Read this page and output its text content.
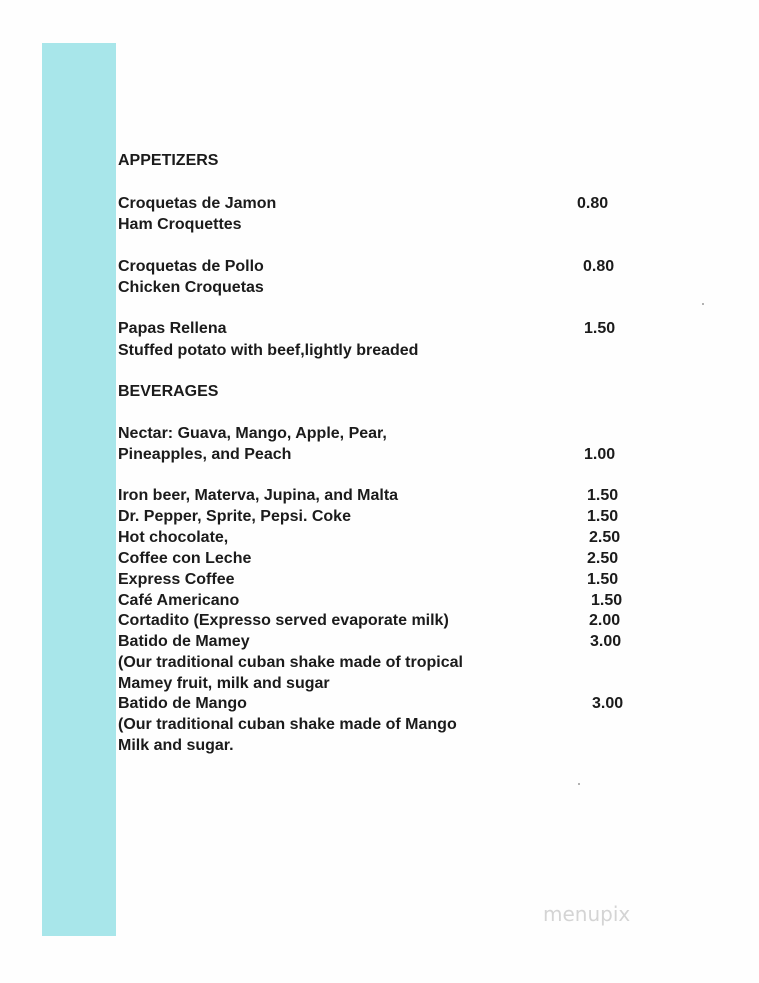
APPETIZERS
Croquetas de Jamon	0.80
Ham Croquettes
Croquetas de Pollo	0.80
Chicken Croquetas
Papas Rellena	1.50
Stuffed potato with beef,lightly breaded
BEVERAGES
Nectar: Guava, Mango, Apple, Pear,
Pineapples, and Peach	1.00
Iron beer, Materva, Jupina, and Malta	1.50
Dr. Pepper, Sprite, Pepsi. Coke	1.50
Hot chocolate,	2.50
Coffee con Leche	2.50
Express Coffee	1.50
Café Americano	1.50
Cortadito (Expresso served evaporate milk)	2.00
Batido de Mamey	3.00
(Our traditional cuban shake made of tropical
Mamey fruit, milk and sugar
Batido de Mango	3.00
(Our traditional cuban shake made of Mango
Milk and sugar.
menupix
